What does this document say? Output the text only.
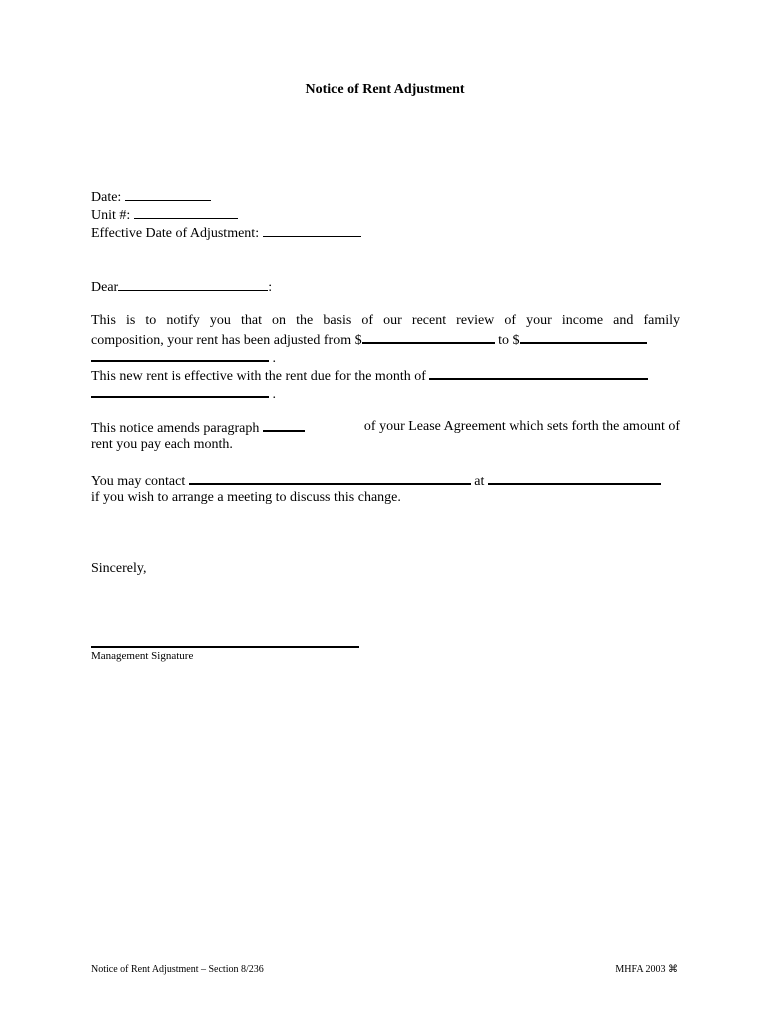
Notice of Rent Adjustment
Date:
Unit #:
Effective Date of Adjustment:
Dear	:
This is to notify you that on the basis of our recent review of your income and family
composition, your rent has been adjusted from $	to $
.
This new rent is effective with the rent due for the month of
.
This notice amends paragraph	of your Lease Agreement which sets forth the amount of
rent you pay each month.
You may contact	at
if you wish to arrange a meeting to discuss this change.
Sincerely,
Management Signature
Notice of Rent Adjustment – Section 8/236	MHFA 2003 ⌘
